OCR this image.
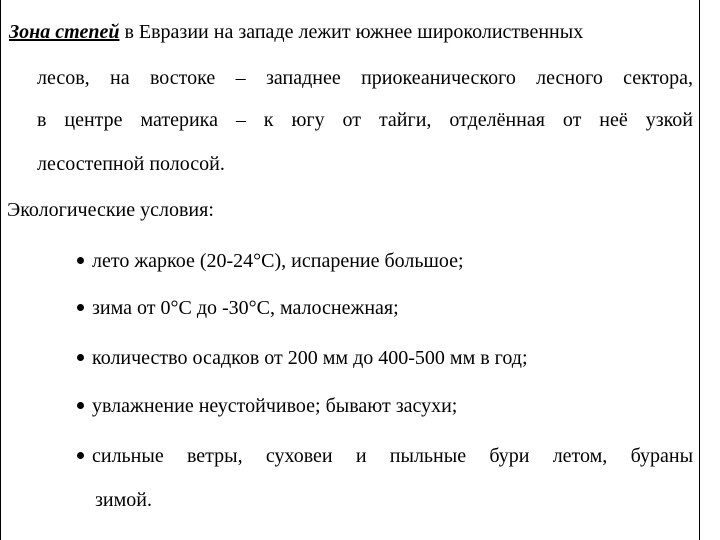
Зона степей в Евразии на западе лежит южнее широколиственных
лесов, на востоке – западнее приокеанического лесного сектора,
в центре материка – к югу от тайги, отделённая от неё узкой
лесостепной полосой.
Экологические условия:
лето жаркое (20-24°С), испарение большое;
зима от 0°С до -30°С, малоснежная;
количество осадков от 200 мм до 400-500 мм в год;
увлажнение неустойчивое; бывают засухи;
сильные ветры, суховеи и пыльные бури летом, бураны
зимой.
